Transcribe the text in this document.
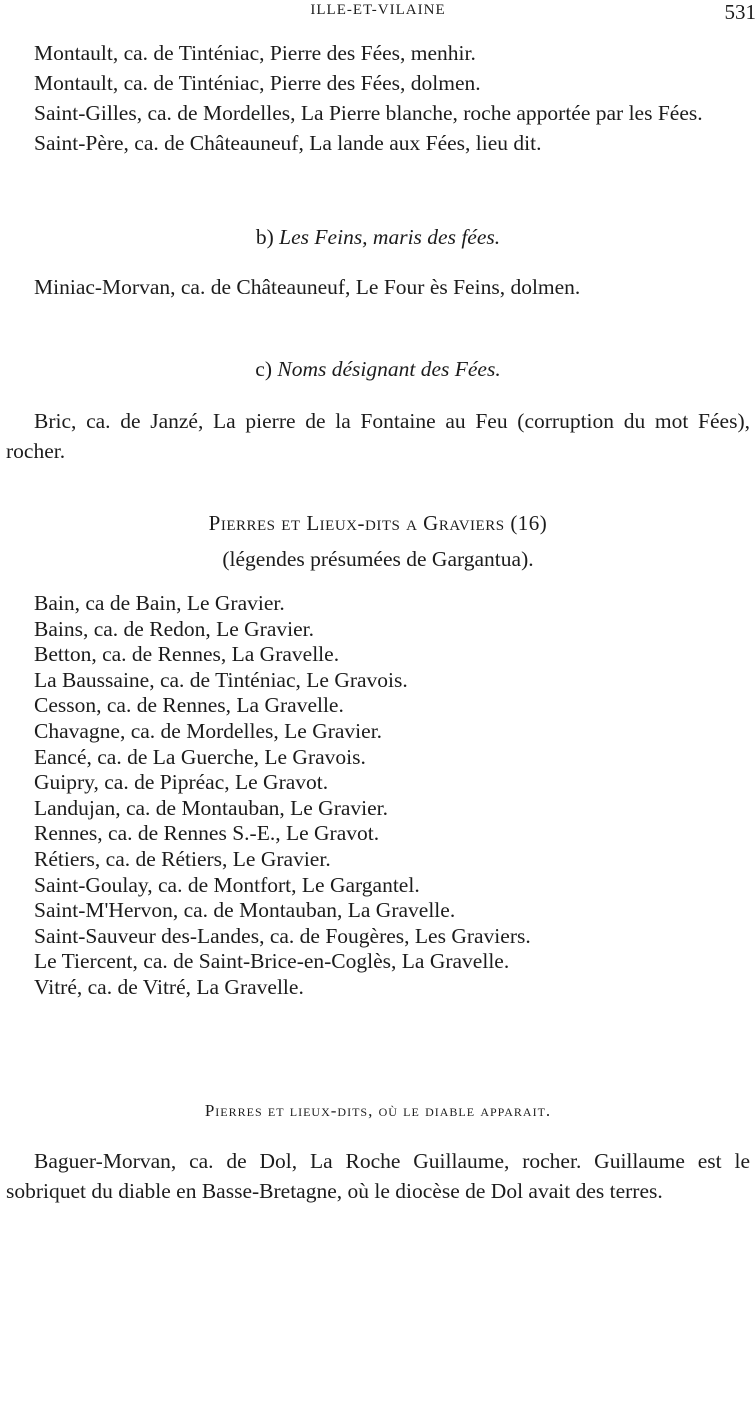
ILLE-ET-VILAINE	531

Montault, ca. de Tinténiac, Pierre des Fées, menhir.

Montault, ca. de Tinténiac, Pierre des Fées, dolmen.

Saint-Gilles, ca. de Mordelles, La Pierre blanche, roche apportée par les Fées.

Saint-Père, ca. de Châteauneuf, La lande aux Fées, lieu dit.

b) Les Feins, maris des fées.

Miniac-Morvan, ca. de Châteauneuf, Le Four ès Feins, dolmen.

c) Noms désignant des Fées.

Bric, ca. de Janzé, La pierre de la Fontaine au Feu (corruption du mot Fées), rocher.

Pierres et Lieux-dits a Graviers (16)

(légendes présumées de Gargantua).

Bain, ca de Bain, Le Gravier.
Bains, ca. de Redon, Le Gravier.
Betton, ca. de Rennes, La Gravelle.
La Baussaine, ca. de Tinténiac, Le Gravois.
Cesson, ca. de Rennes, La Gravelle.
Chavagne, ca. de Mordelles, Le Gravier.
Eancé, ca. de La Guerche, Le Gravois.
Guipry, ca. de Pipréac, Le Gravot.
Landujan, ca. de Montauban, Le Gravier.
Rennes, ca. de Rennes S.-E., Le Gravot.
Rétiers, ca. de Rétiers, Le Gravier.
Saint-Goulay, ca. de Montfort, Le Gargantel.
Saint-M'Hervon, ca. de Montauban, La Gravelle.
Saint-Sauveur des-Landes, ca. de Fougères, Les Graviers.
Le Tiercent, ca. de Saint-Brice-en-Coglès, La Gravelle.
Vitré, ca. de Vitré, La Gravelle.

Pierres et lieux-dits, où le diable apparait.

Baguer-Morvan, ca. de Dol, La Roche Guillaume, rocher. Guillaume est le sobriquet du diable en Basse-Bretagne, où le diocèse de Dol avait des terres.
